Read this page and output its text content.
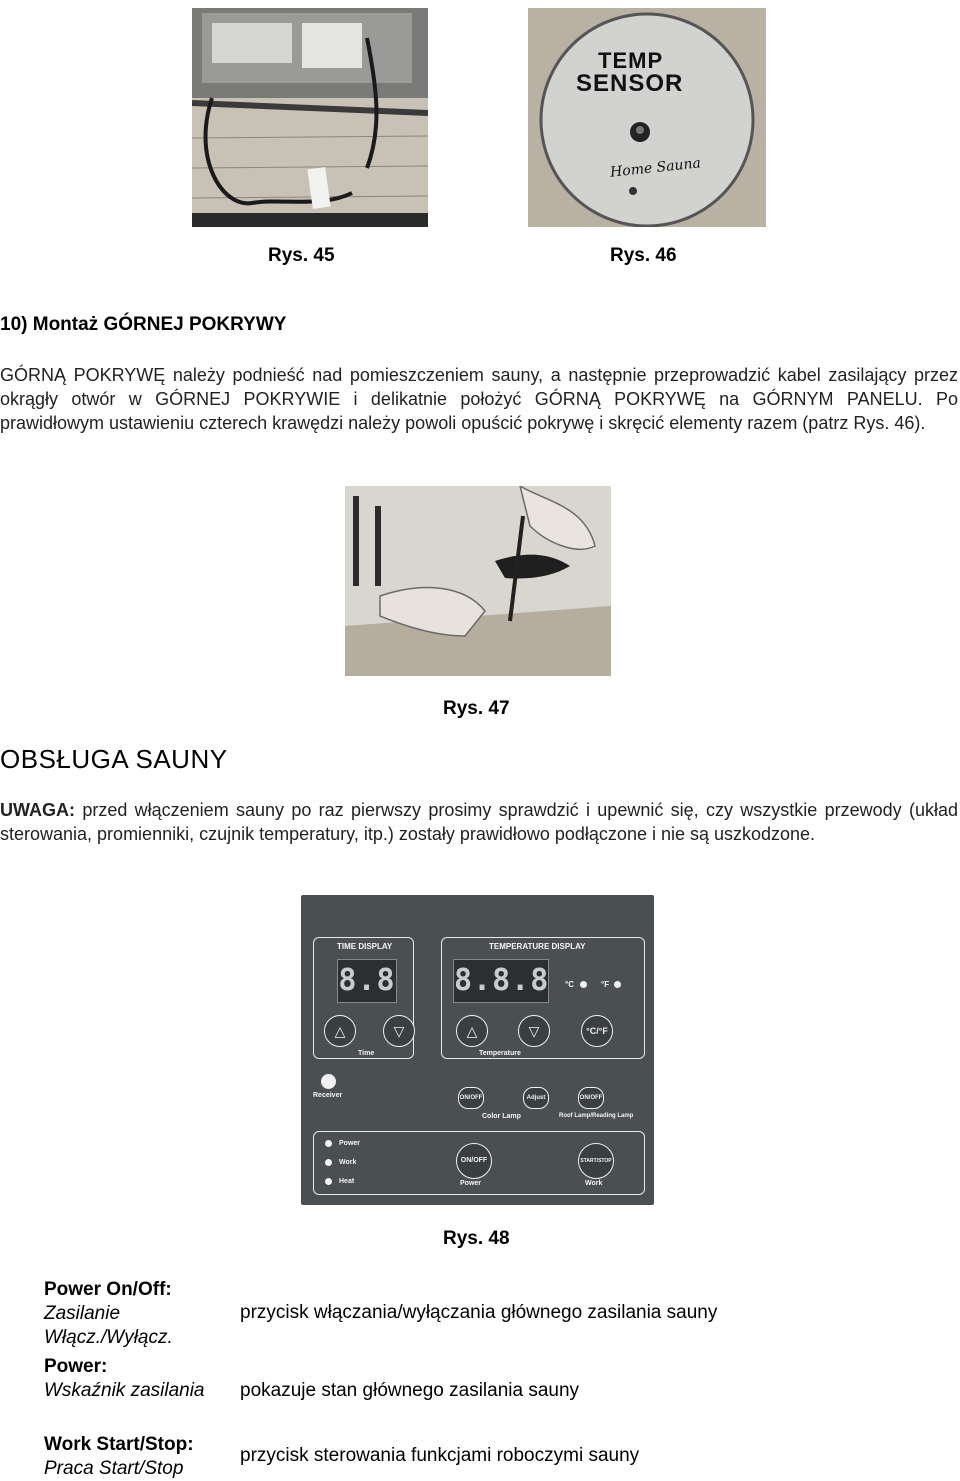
TEMP
SENSOR
Home Sauna
Rys. 45	Rys. 46
10) Montaż GÓRNEJ POKRYWY
GÓRNĄ POKRYWĘ należy podnieść nad pomieszczeniem sauny, a następnie przeprowadzić kabel zasilający przez okrągły otwór w GÓRNEJ POKRYWIE i delikatnie położyć GÓRNĄ POKRYWĘ na GÓRNYM PANELU. Po prawidłowym ustawieniu czterech krawędzi należy powoli opuścić pokrywę i skręcić elementy razem (patrz Rys. 46).
Rys. 47
OBSŁUGA SAUNY
UWAGA: przed włączeniem sauny po raz pierwszy prosimy sprawdzić i upewnić się, czy wszystkie przewody (układ sterowania, promienniki, czujnik temperatury, itp.) zostały prawidłowo podłączone i nie są uszkodzone.
TIME DISPLAY
8.8
△	▽
Time
TEMPERATURE DISPLAY
8.8.8 °C	°F
△	▽	°C/°F
Temperature
Receiver	ON/OFF	Adjust	ON/OFF
Color Lamp	Roof Lamp/Reading Lamp
Power
Work
Heat
ON/OFF
Power
START/STOP
Work
Rys. 48
Power On/Off:
Zasilanie Włącz./Wyłącz.
przycisk włączania/wyłączania głównego zasilania sauny
Power:
Wskaźnik zasilania	pokazuje stan głównego zasilania sauny
Work Start/Stop:
Praca Start/Stop
przycisk sterowania funkcjami roboczymi sauny
